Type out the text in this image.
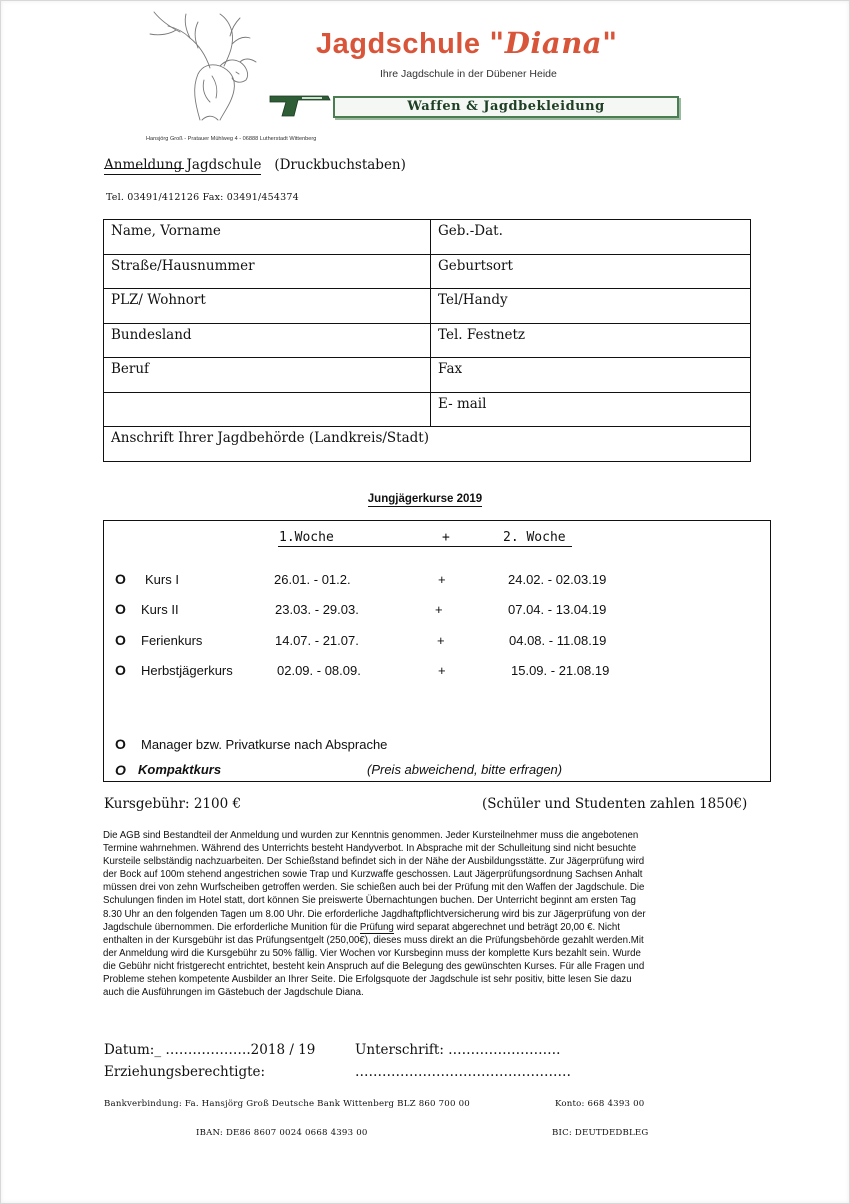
Jagdschule "Diana"
Ihre Jagdschule in der Dübener Heide
Waffen & Jagdbekleidung
Hansjörg Groß - Pratauer Mühlweg 4 - 06888 Lutherstadt Wittenberg
Anmeldung Jagdschule (Druckbuchstaben)
Tel. 03491/412126 Fax: 03491/454374
Name, Vorname	Geb.-Dat.
Straße/Hausnummer	Geburtsort
PLZ/ Wohnort	Tel/Handy
Bundesland	Tel. Festnetz
Beruf	Fax
	E- mail
Anschrift Ihrer Jagdbehörde (Landkreis/Stadt)	
Jungjägerkurse 2019
1.Woche	+	2. Woche
O Kurs I	26.01. - 01.2.	+	24.02. - 02.03.19
O Kurs II	23.03. - 29.03.	+	07.04. - 13.04.19
O Ferienkurs	14.07. - 21.07.	+	04.08. - 11.08.19
O Herbstjägerkurs	02.09. - 08.09.	+	15.09. - 21.08.19
O Manager bzw. Privatkurse nach Absprache
O Kompaktkurs	(Preis abweichend, bitte erfragen)
Kursgebühr: 2100 €	(Schüler und Studenten zahlen 1850€)
Die AGB sind Bestandteil der Anmeldung und wurden zur Kenntnis genommen. Jeder Kursteilnehmer muss die angebotenen
Termine wahrnehmen. Während des Unterrichts besteht Handyverbot. In Absprache mit der Schulleitung sind nicht besuchte
Kursteile selbständig nachzuarbeiten. Der Schießstand befindet sich in der Nähe der Ausbildungsstätte. Zur Jägerprüfung wird
der Bock auf 100m stehend angestrichen sowie Trap und Kurzwaffe geschossen. Laut Jägerprüfungsordnung Sachsen Anhalt
müssen drei von zehn Wurfscheiben getroffen werden. Sie schießen auch bei der Prüfung mit den Waffen der Jagdschule. Die
Schulungen finden im Hotel statt, dort können Sie preiswerte Übernachtungen buchen. Der Unterricht beginnt am ersten Tag
8.30 Uhr an den folgenden Tagen um 8.00 Uhr. Die erforderliche Jagdhaftpflichtversicherung wird bis zur Jägerprüfung von der
Jagdschule übernommen. Die erforderliche Munition für die Prüfung wird separat abgerechnet und beträgt 20,00 €. Nicht
enthalten in der Kursgebühr ist das Prüfungsentgelt (250,00€), dieses muss direkt an die Prüfungsbehörde gezahlt werden.Mit
der Anmeldung wird die Kursgebühr zu 50% fällig. Vier Wochen vor Kursbeginn muss der komplette Kurs bezahlt sein. Wurde
die Gebühr nicht fristgerecht entrichtet, besteht kein Anspruch auf die Belegung des gewünschten Kurses. Für alle Fragen und
Probleme stehen kompetente Ausbilder an Ihrer Seite. Die Erfolgsquote der Jagdschule ist sehr positiv, bitte lesen Sie dazu
auch die Ausführungen im Gästebuch der Jagdschule Diana.
Datum:_ ……………….2018 / 19	Unterschrift: …………………….
Erziehungsberechtigte:	…………………………………………
Bankverbindung: Fa. Hansjörg Groß Deutsche Bank Wittenberg BLZ 860 700 00	Konto: 668 4393 00
IBAN: DE86 8607 0024 0668 4393 00	BIC: DEUTDEDBLEG
